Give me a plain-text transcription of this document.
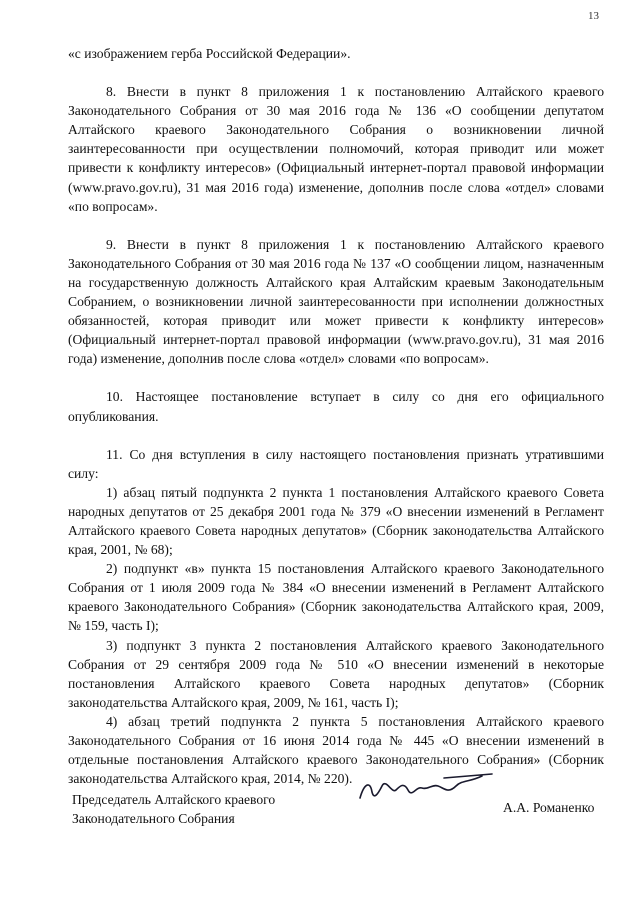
13

«с изображением герба Российской Федерации».

8. Внести в пункт 8 приложения 1 к постановлению Алтайского краевого Законодательного Собрания от 30 мая 2016 года № 136 «О сообщении депутатом Алтайского краевого Законодательного Собрания о возникновении личной заинтересованности при осуществлении полномочий, которая приводит или может привести к конфликту интересов» (Официальный интернет-портал правовой информации (www.pravo.gov.ru), 31 мая 2016 года) изменение, дополнив после слова «отдел» словами «по вопросам».

9. Внести в пункт 8 приложения 1 к постановлению Алтайского краевого Законодательного Собрания от 30 мая 2016 года № 137 «О сообщении лицом, назначенным на государственную должность Алтайского края Алтайским краевым Законодательным Собранием, о возникновении личной заинтересованности при исполнении должностных обязанностей, которая приводит или может привести к конфликту интересов» (Официальный интернет-портал правовой информации (www.pravo.gov.ru), 31 мая 2016 года) изменение, дополнив после слова «отдел» словами «по вопросам».

10. Настоящее постановление вступает в силу со дня его официального опубликования.

11. Со дня вступления в силу настоящего постановления признать утратившими силу:

1) абзац пятый подпункта 2 пункта 1 постановления Алтайского краевого Совета народных депутатов от 25 декабря 2001 года № 379 «О внесении изменений в Регламент Алтайского краевого Совета народных депутатов» (Сборник законодательства Алтайского края, 2001, № 68);

2) подпункт «в» пункта 15 постановления Алтайского краевого Законодательного Собрания от 1 июля 2009 года № 384 «О внесении изменений в Регламент Алтайского краевого Законодательного Собрания» (Сборник законодательства Алтайского края, 2009, № 159, часть I);

3) подпункт 3 пункта 2 постановления Алтайского краевого Законодательного Собрания от 29 сентября 2009 года № 510 «О внесении изменений в некоторые постановления Алтайского краевого Совета народных депутатов» (Сборник законодательства Алтайского края, 2009, № 161, часть I);

4) абзац третий подпункта 2 пункта 5 постановления Алтайского краевого Законодательного Собрания от 16 июня 2014 года № 445 «О внесении изменений в отдельные постановления Алтайского краевого Законодательного Собрания» (Сборник законодательства Алтайского края, 2014, № 220).

Председатель Алтайского краевого
Законодательного Собрания
А.А. Романенко
